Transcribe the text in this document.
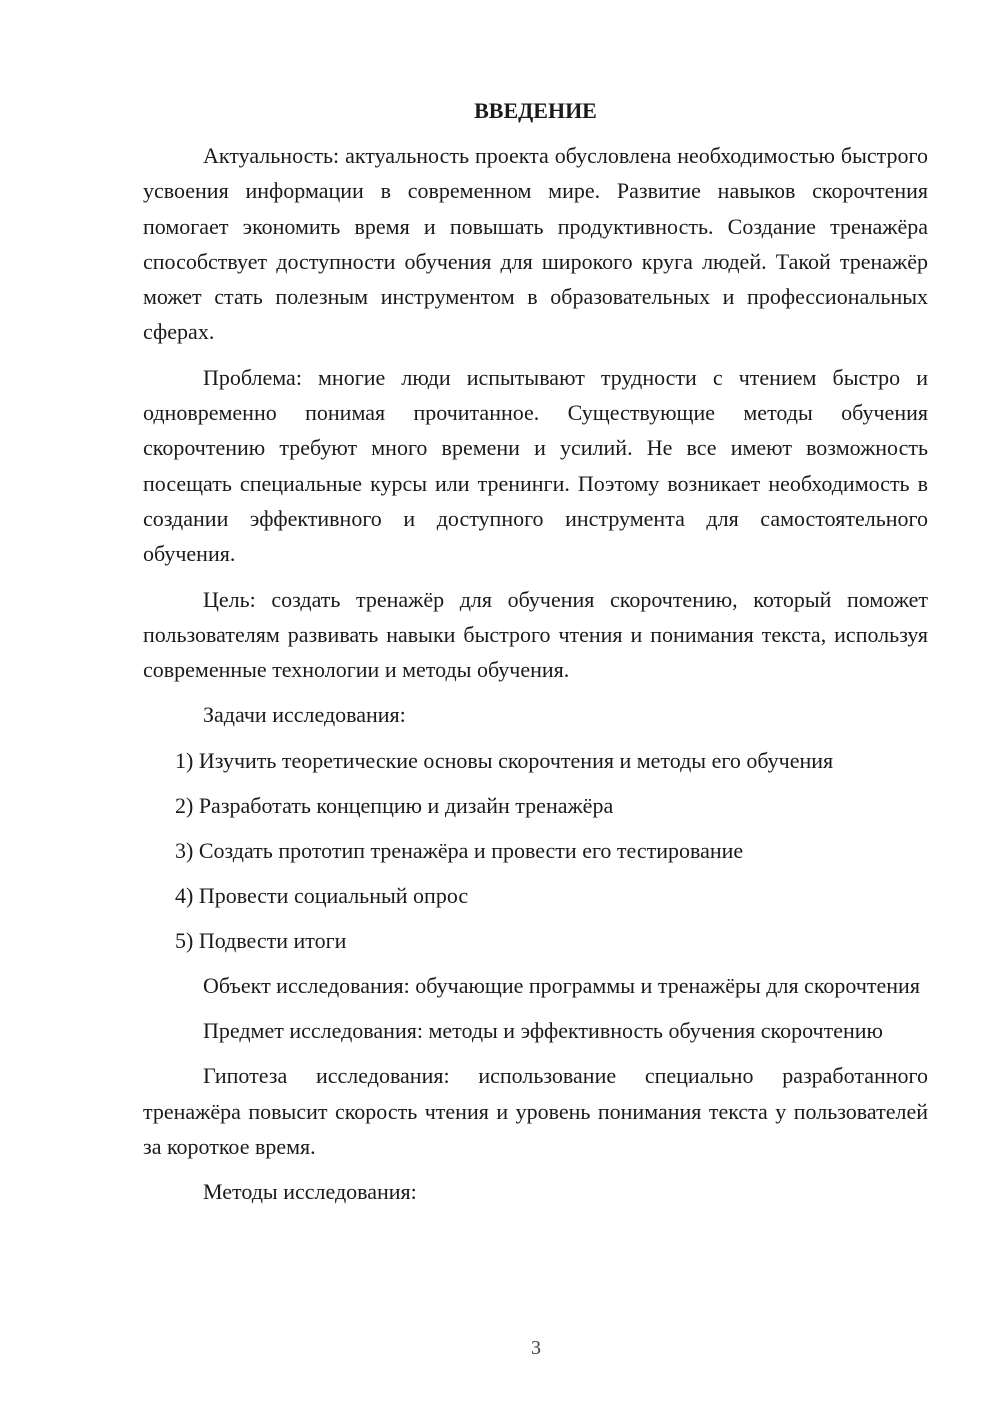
ВВЕДЕНИЕ

Актуальность: актуальность проекта обусловлена необходимостью быстрого усвоения информации в современном мире. Развитие навыков скорочтения помогает экономить время и повышать продуктивность. Создание тренажёра способствует доступности обучения для широкого круга людей. Такой тренажёр может стать полезным инструментом в образовательных и профессиональных сферах.

Проблема: многие люди испытывают трудности с чтением быстро и одновременно понимая прочитанное. Существующие методы обучения скорочтению требуют много времени и усилий. Не все имеют возможность посещать специальные курсы или тренинги. Поэтому возникает необходимость в создании эффективного и доступного инструмента для самостоятельного обучения.

Цель: создать тренажёр для обучения скорочтению, который поможет пользователям развивать навыки быстрого чтения и понимания текста, используя современные технологии и методы обучения.

Задачи исследования:

1) Изучить теоретические основы скорочтения и методы его обучения
2) Разработать концепцию и дизайн тренажёра
3) Создать прототип тренажёра и провести его тестирование
4) Провести социальный опрос
5) Подвести итоги

Объект исследования: обучающие программы и тренажёры для скорочтения

Предмет исследования: методы и эффективность обучения скорочтению

Гипотеза исследования: использование специально разработанного тренажёра повысит скорость чтения и уровень понимания текста у пользователей за короткое время.

Методы исследования:

3
